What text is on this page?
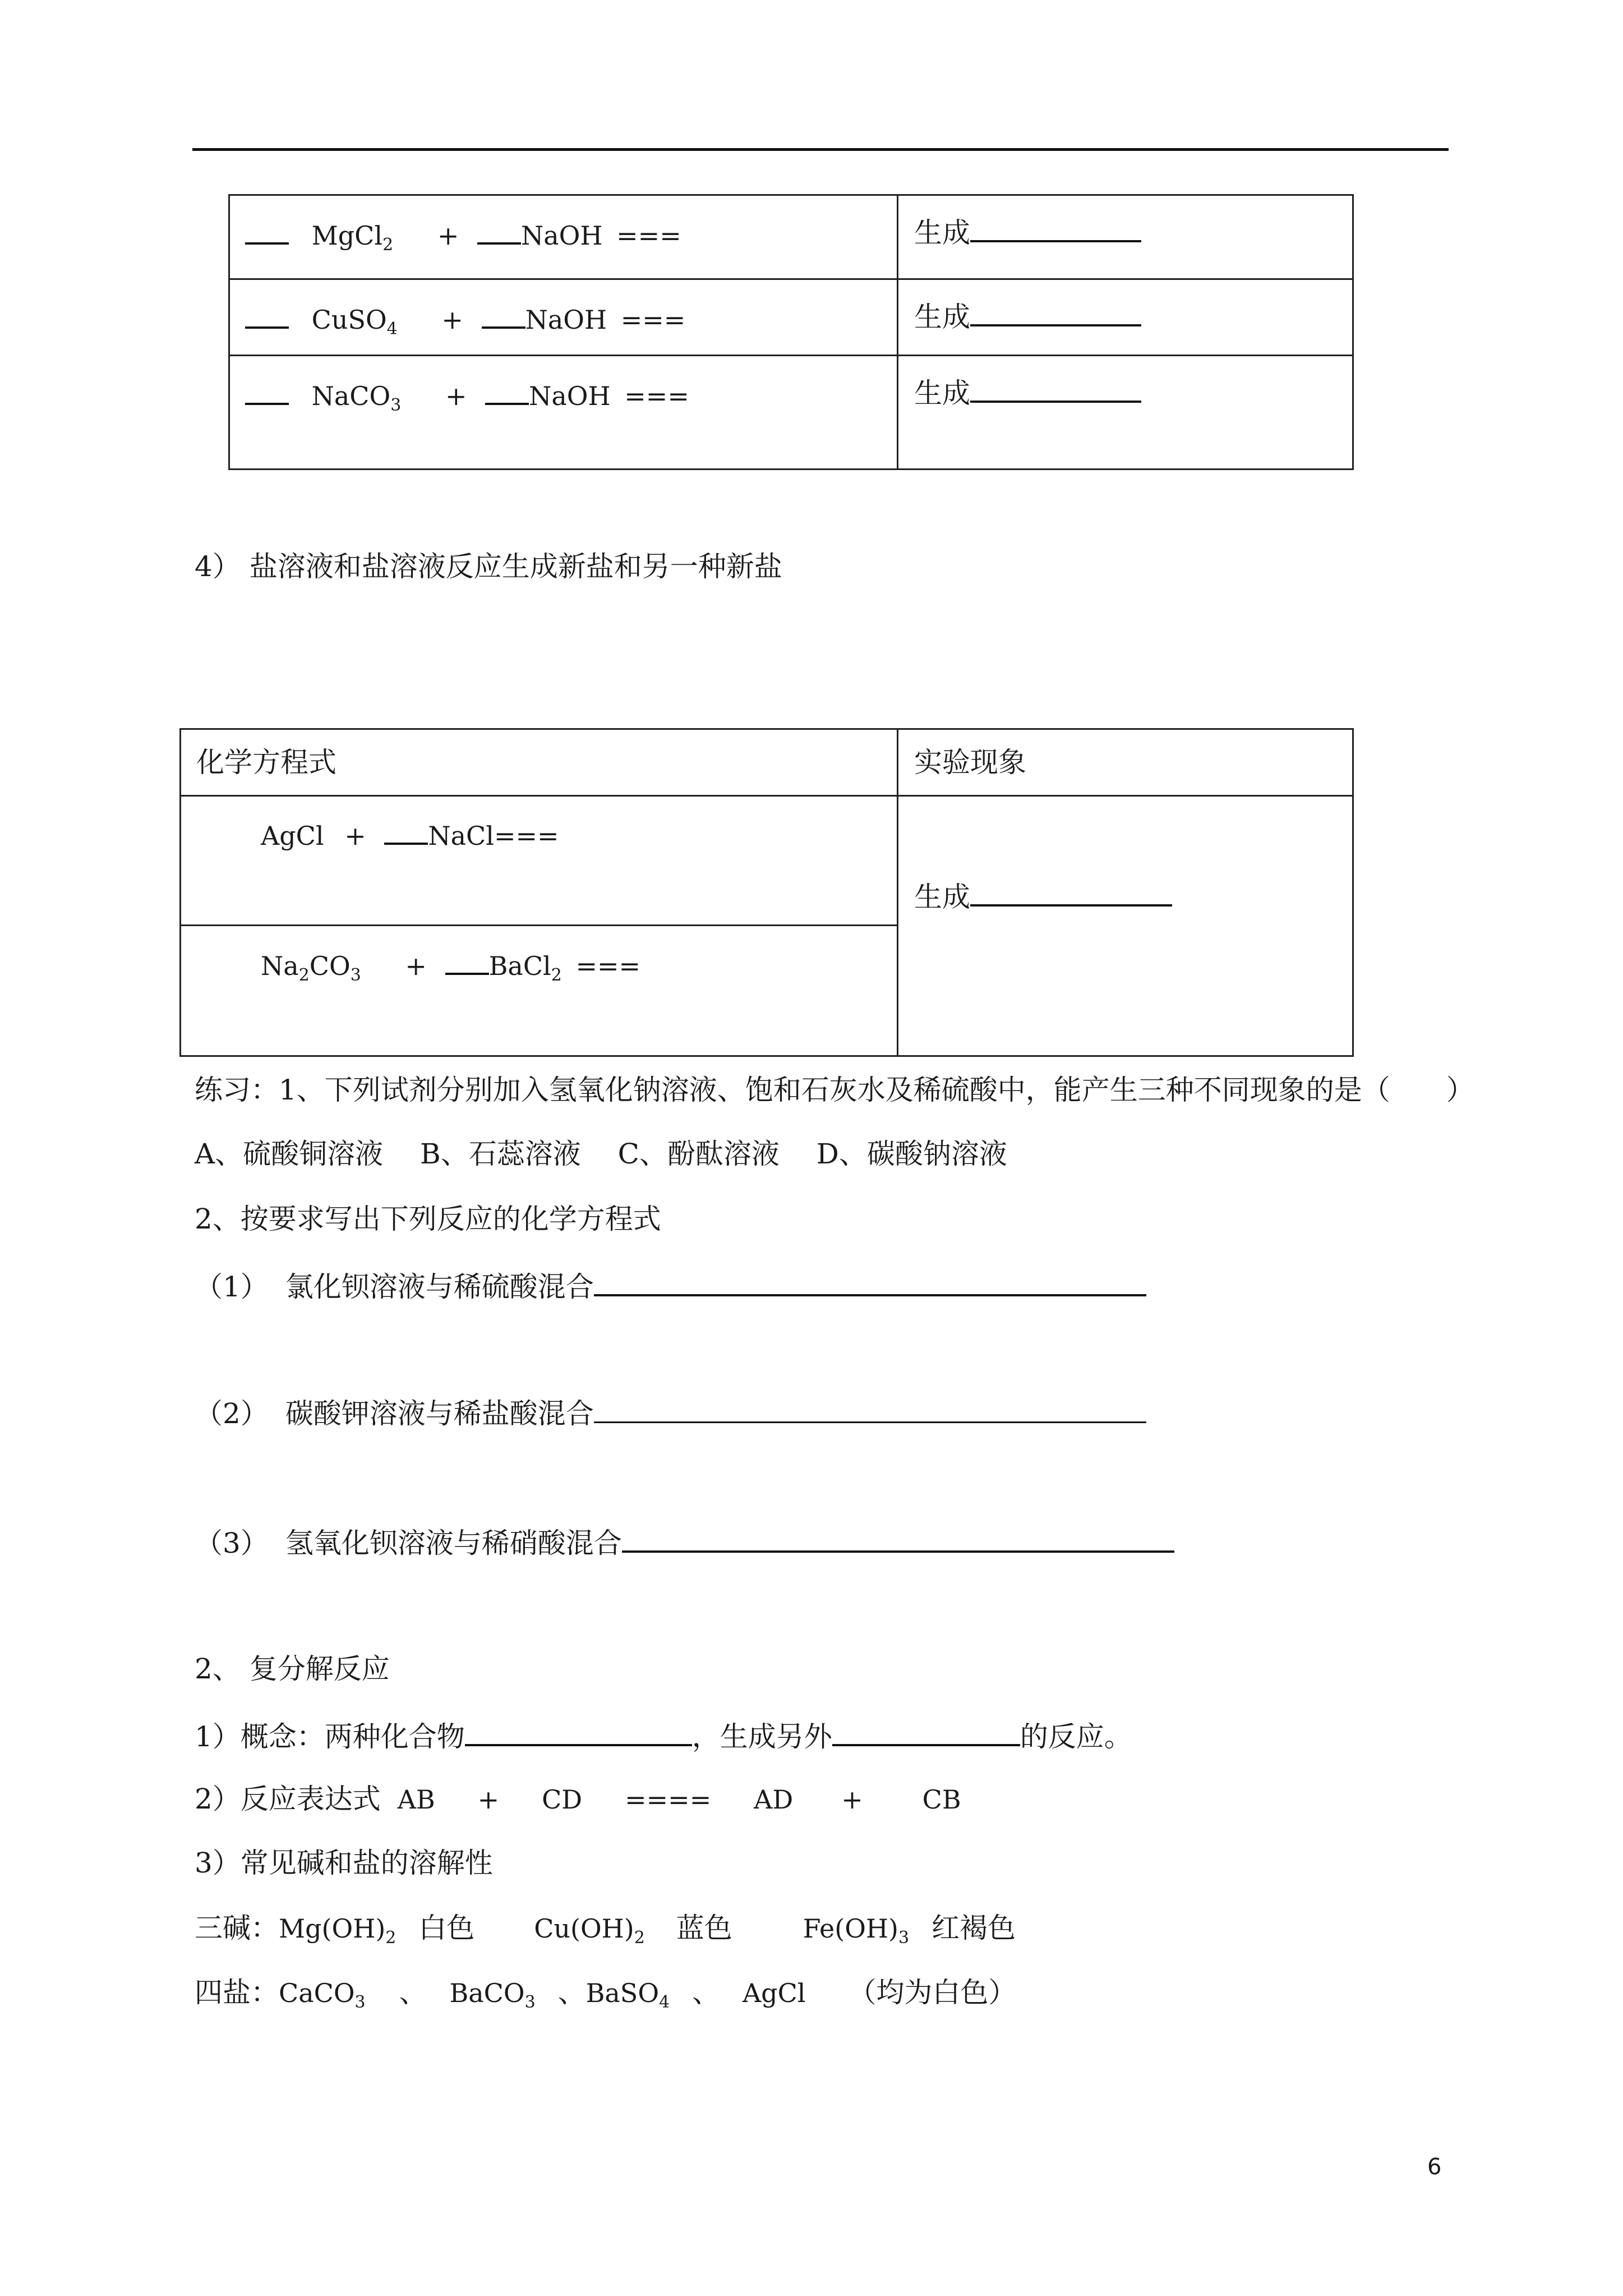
MgCl$_2$ + NaOH ===	生成
CuSO$_4$ + NaOH ===	生成
NaCO$_3$ + NaOH ===	生成
4） 盐溶液和盐溶液反应生成新盐和另一种新盐
化学方程式	实验现象
AgCl + NaCl===
$Na_2CO_3$ + BaCl$_2$ ===
生成
练习：1、下列试剂分别加入氢氧化钠溶液、饱和石灰水及稀硫酸中，能产生三种不同现象的是（　　）
A、硫酸铜溶液　 B、石蕊溶液　 C、酚酞溶液　 D、碳酸钠溶液
2、按要求写出下列反应的化学方程式
（1） 氯化钡溶液与稀硫酸混合
（2） 碳酸钾溶液与稀盐酸混合
（3） 氢氧化钡溶液与稀硝酸混合
2、 复分解反应
1）概念：两种化合物	，生成另外	的反应。
2）反应表达式 AB + CD ==== AD + CB
3）常见碱和盐的溶解性
三碱：$Mg(OH)_2$ 白色 $Cu(OH)_2$ 蓝色	$Fe(OH)_3$ 红褐色
四盐：CaCO$_3$ 、 BaCO$_3$ 、BaSO$_4$ 、 AgCl （均为白色）
6
